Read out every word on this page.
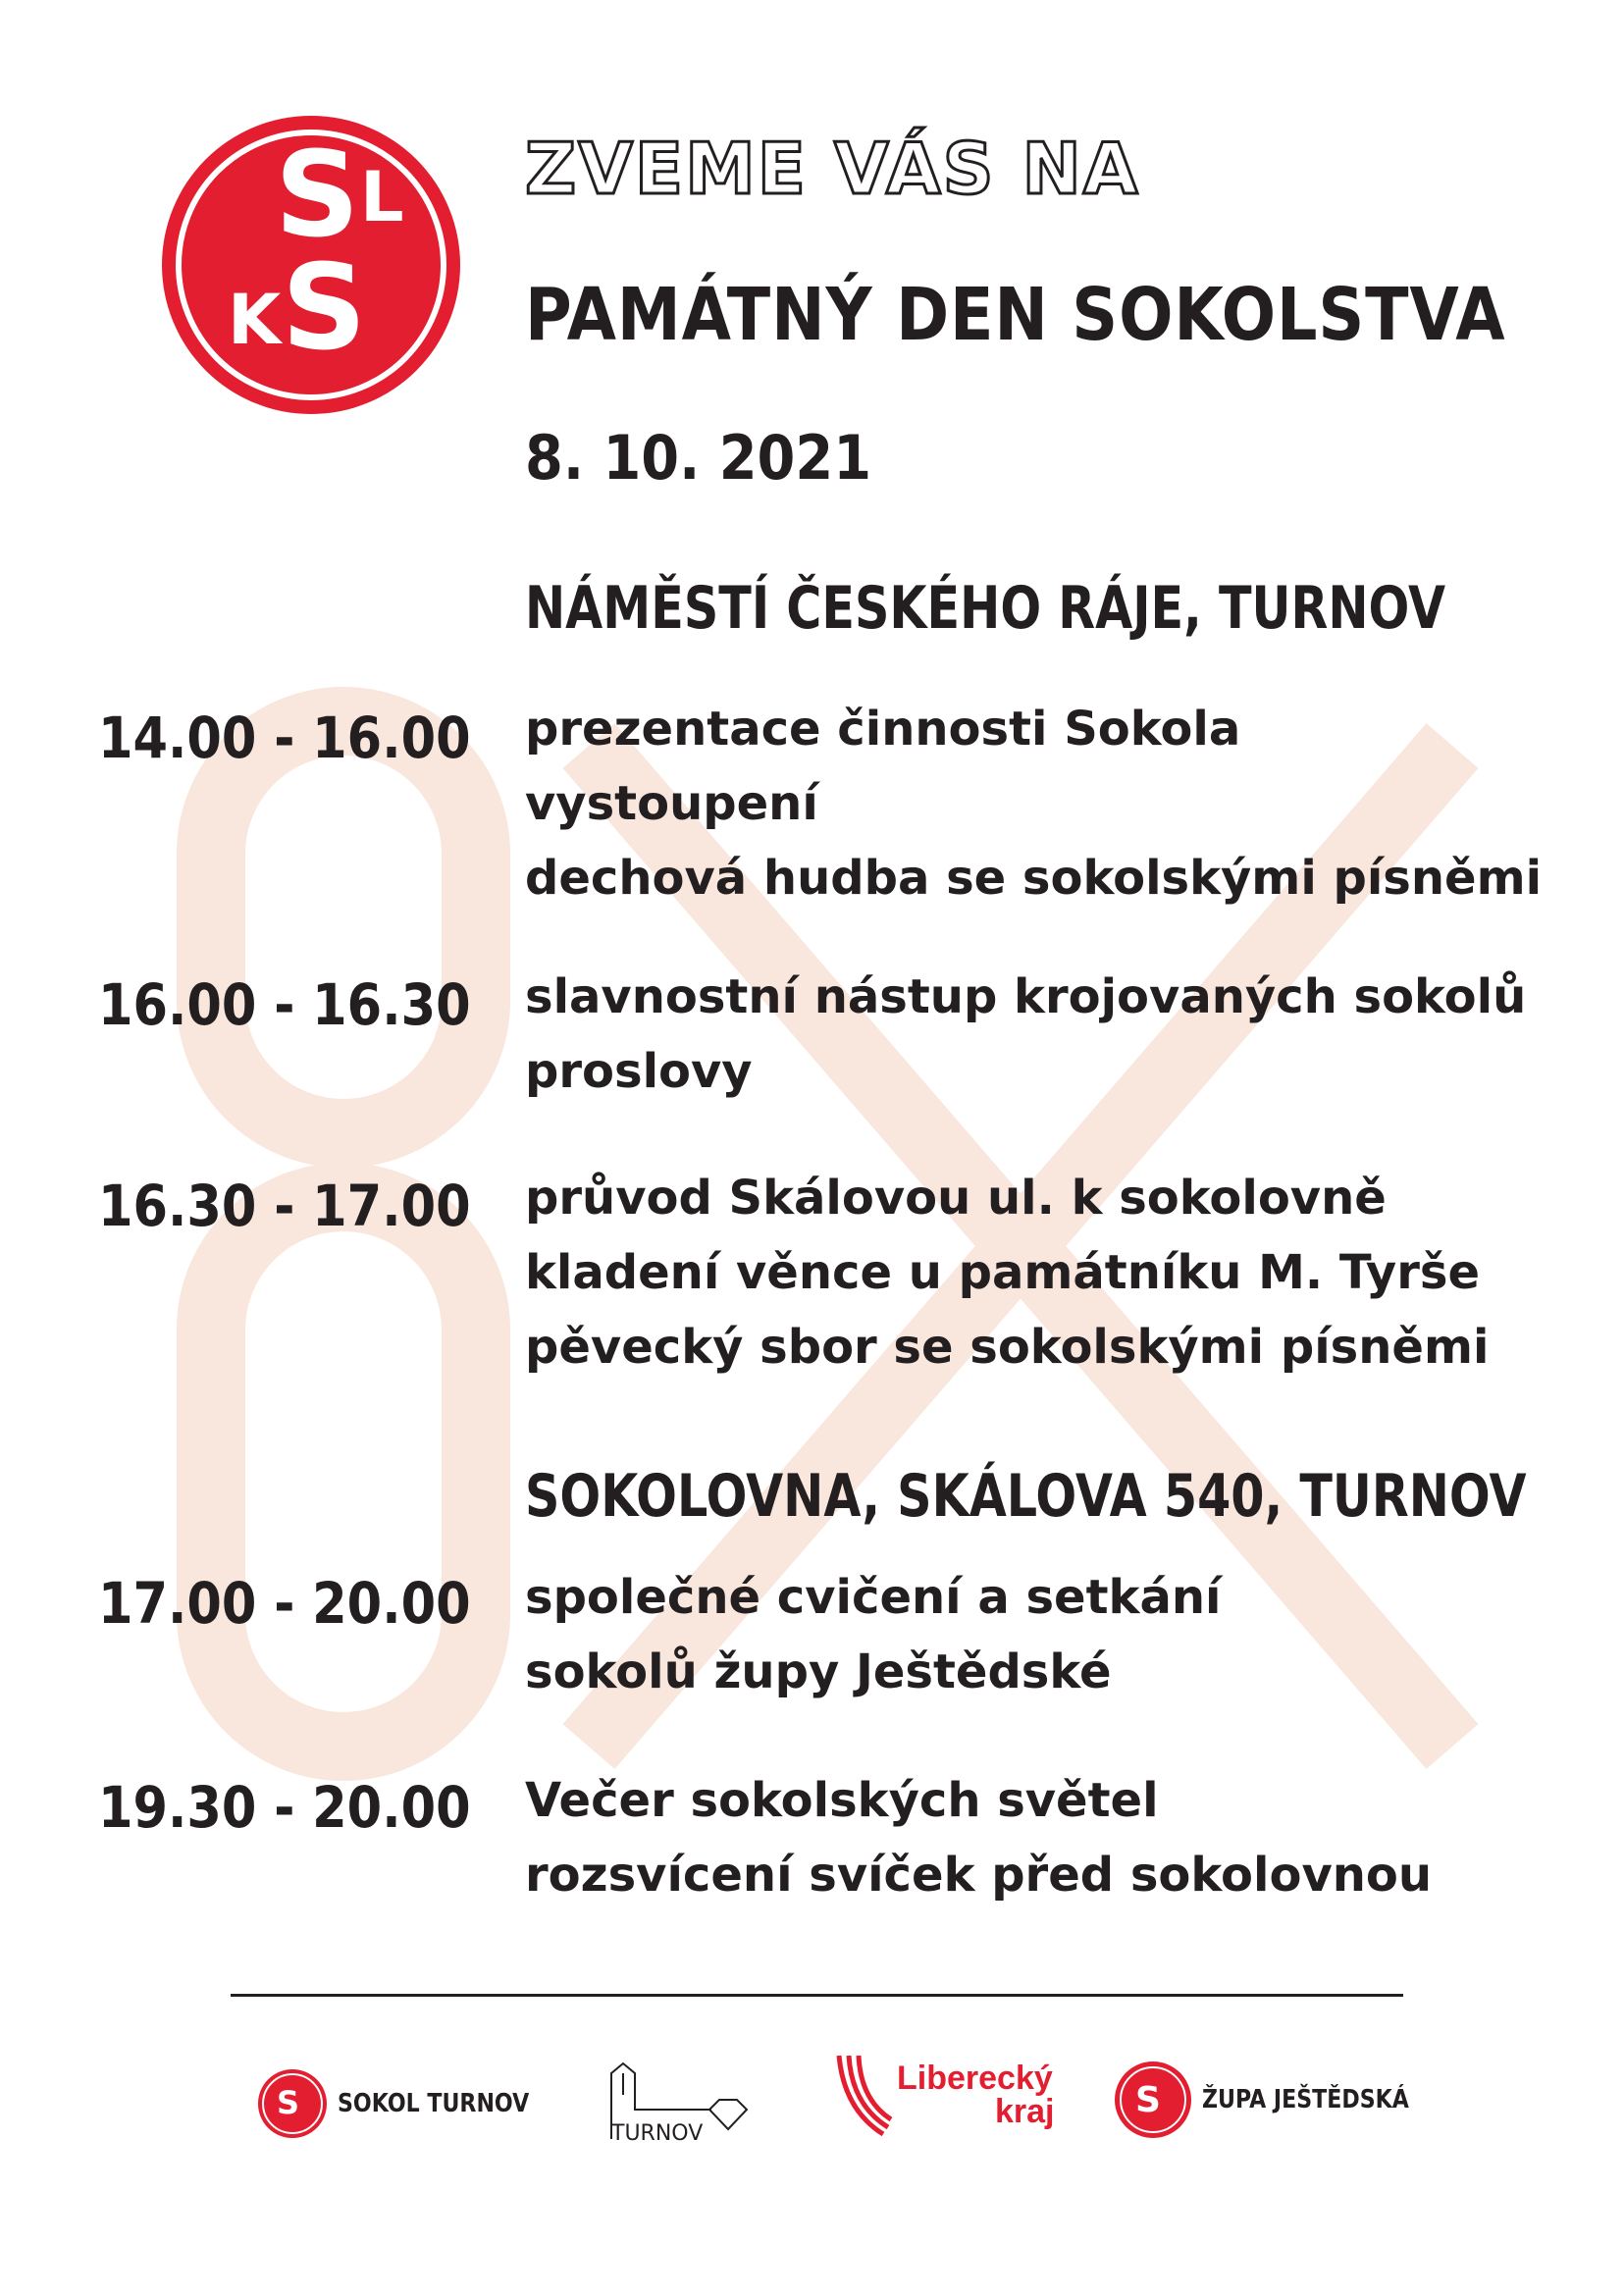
S L
K S
ZVEME VÁS NA
PAMÁTNÝ DEN SOKOLSTVA
8. 10. 2021
NÁMĚSTÍ ČESKÉHO RÁJE, TURNOV
14.00 - 16.00 prezentace činnosti Sokola
vystoupení
dechová hudba se sokolskými písněmi
16.00 - 16.30 slavnostní nástup krojovaných sokolů
proslovy
16.30 - 17.00 průvod Skálovou ul. k sokolovně
kladení věnce u památníku M. Tyrše
pěvecký sbor se sokolskými písněmi
SOKOLOVNA, SKÁLOVA 540, TURNOV
17.00 - 20.00 společné cvičení a setkání
sokolů župy Ještědské
19.30 - 20.00 Večer sokolských světel
rozsvícení svíček před sokolovnou
S SOKOL TURNOV
TURNOV
Liberecký
kraj S ŽUPA JEŠTĚDSKÁ
